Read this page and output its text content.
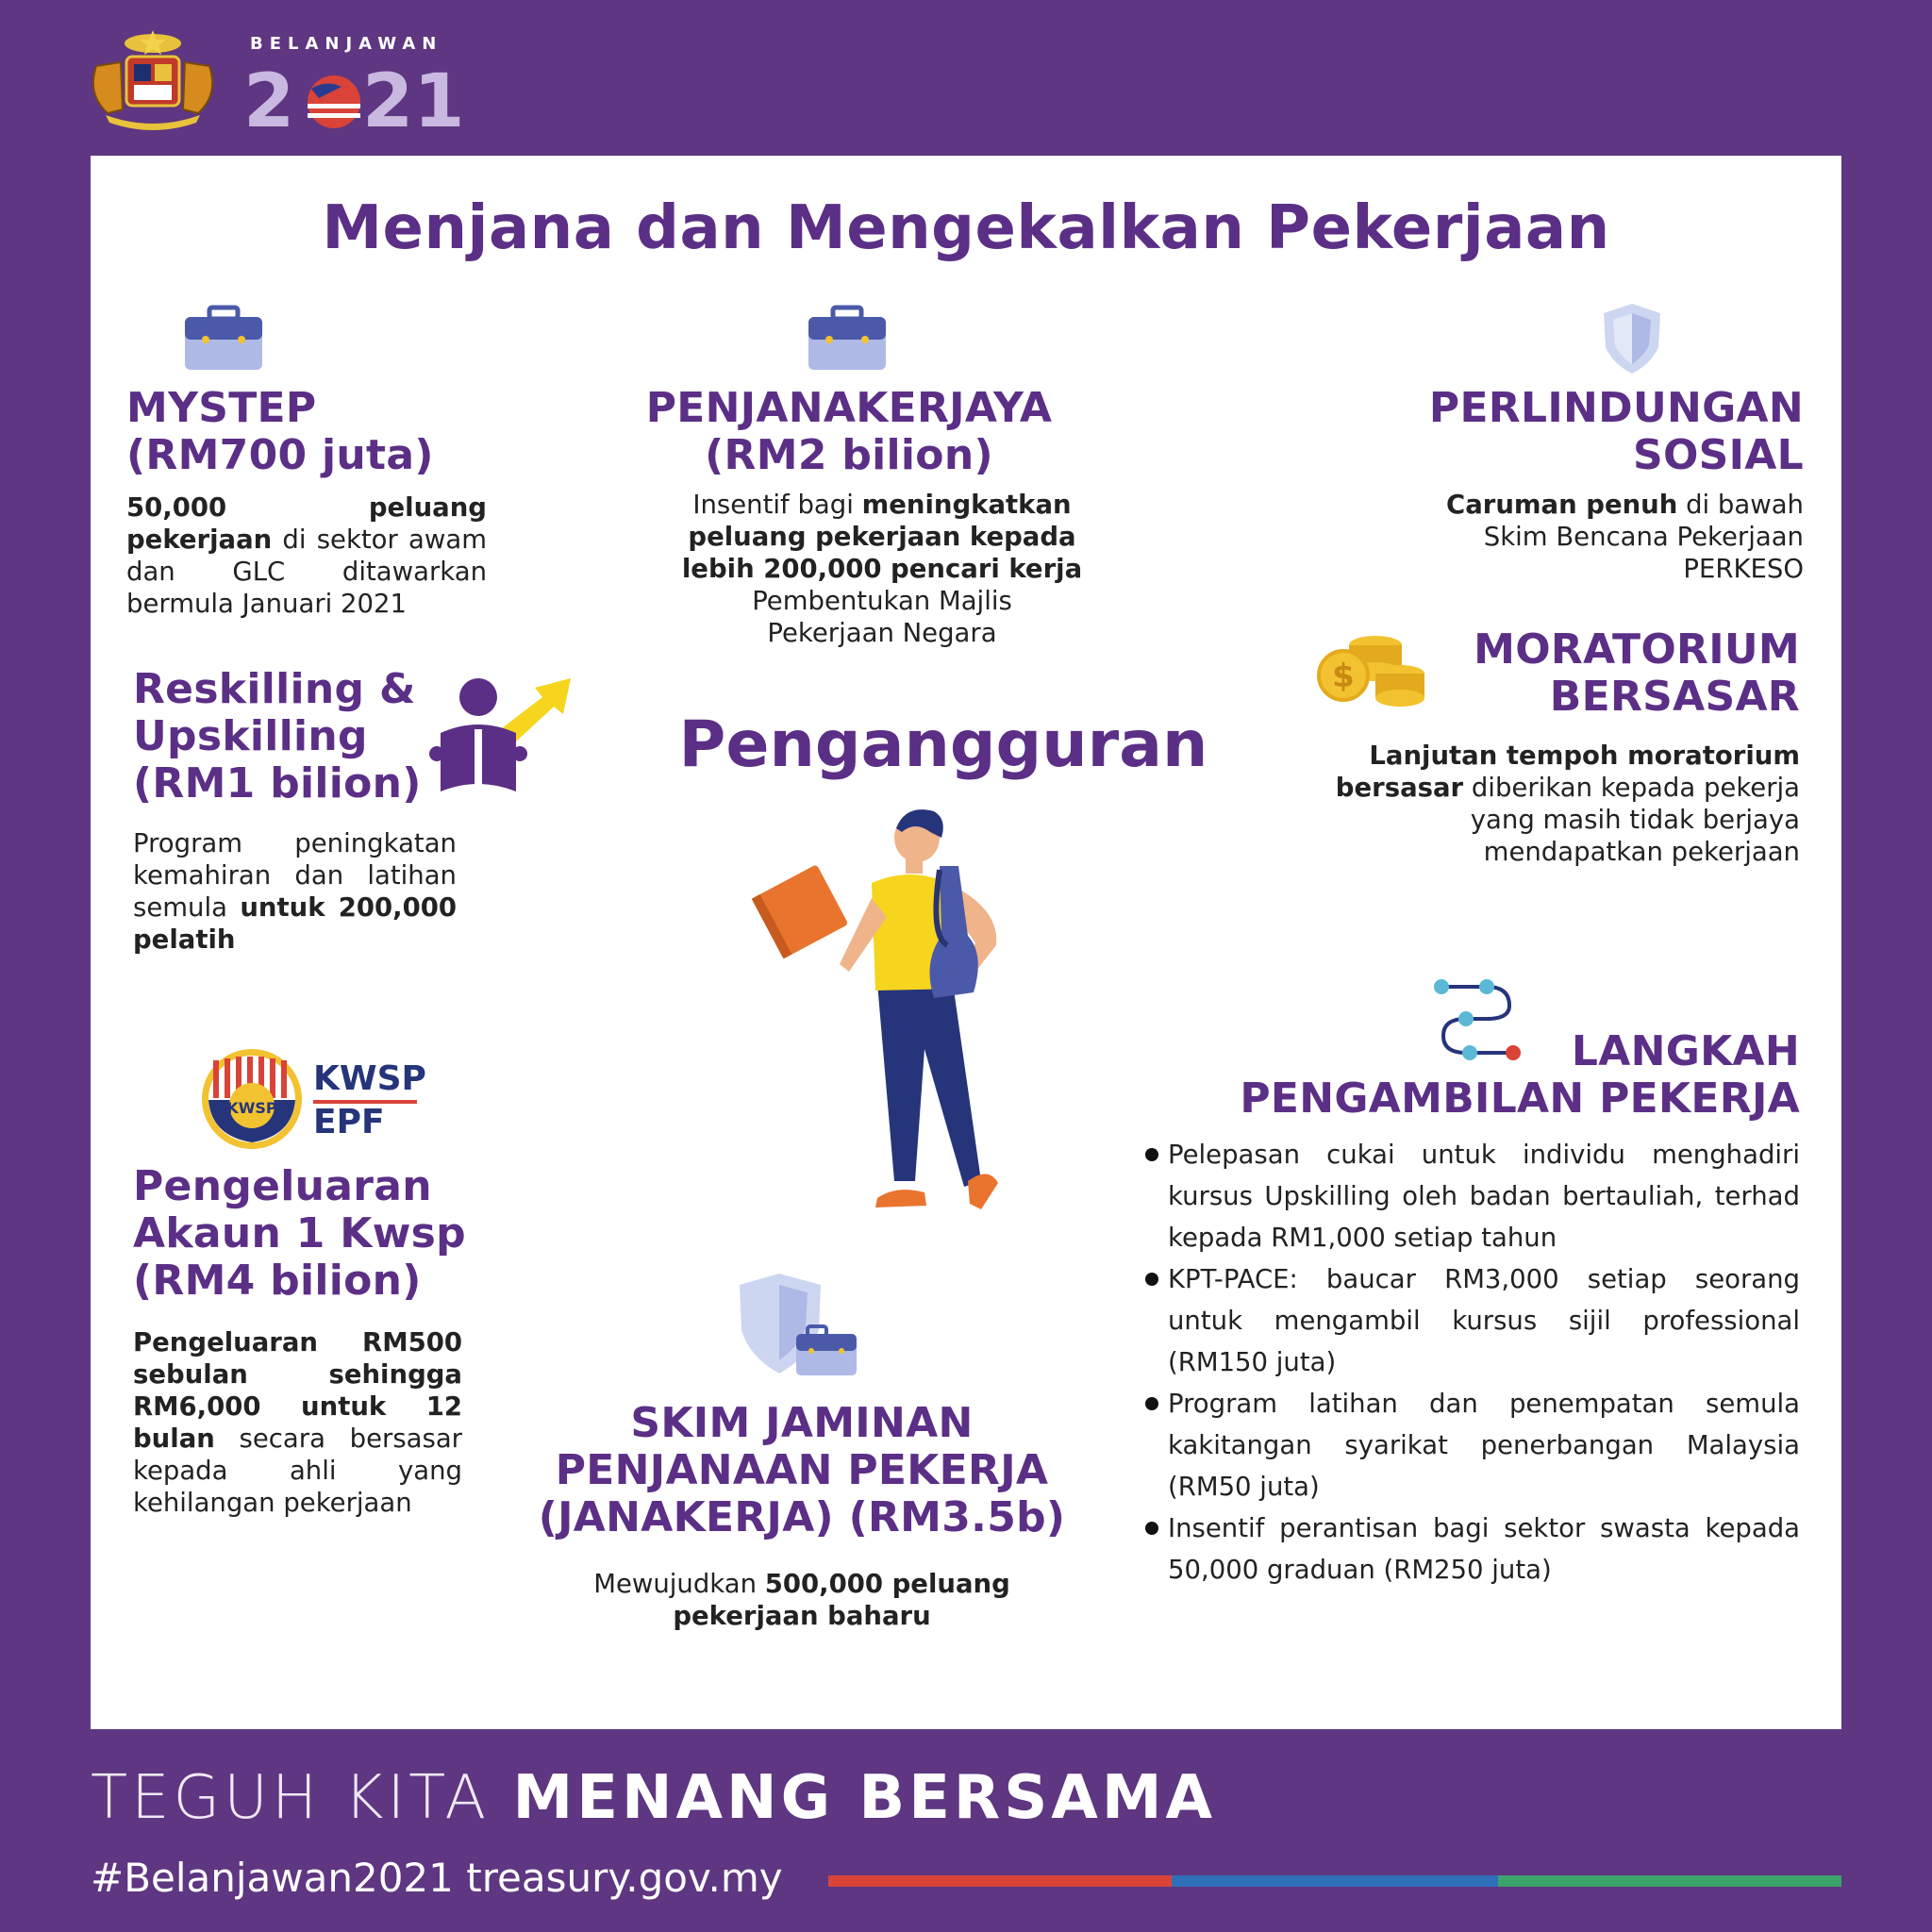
BELANJAWAN
2 21
Menjana dan Mengekalkan Pekerjaan
MYSTEP
(RM700 juta)
50,000 peluang pekerjaan di sektor awam dan GLC ditawarkan bermula Januari 2021
PENJANAKERJAYA
(RM2 bilion)
Insentif bagi meningkatkan
peluang pekerjaan kepada
lebih 200,000 pencari kerja
Pembentukan Majlis
Pekerjaan Negara
PERLINDUNGAN
SOSIAL
Caruman penuh di bawah
Skim Bencana Pekerjaan
PERKESO
Reskilling &
Upskilling
(RM1 bilion)
Program peningkatan kemahiran dan latihan semula untuk 200,000 pelatih
Pengangguran
$
MORATORIUM
BERSASAR
Lanjutan tempoh moratorium
bersasar diberikan kepada pekerja
yang masih tidak berjaya
mendapatkan pekerjaan
KWSP
KWSP
EPF
Pengeluaran
Akaun 1 Kwsp
(RM4 bilion)
Pengeluaran RM500 sebulan sehingga RM6,000 untuk 12 bulan secara bersasar kepada ahli yang kehilangan pekerjaan
LANGKAH
PENGAMBILAN PEKERJA
Pelepasan cukai untuk individu menghadiri kursus Upskilling oleh badan bertauliah, terhad kepada RM1,000 setiap tahun
KPT-PACE: baucar RM3,000 setiap seorang untuk mengambil kursus sijil professional (RM150 juta)
Program latihan dan penempatan semula kakitangan syarikat penerbangan Malaysia (RM50 juta)
Insentif perantisan bagi sektor swasta kepada 50,000 graduan (RM250 juta)
SKIM JAMINAN
PENJANAAN PEKERJA
(JANAKERJA) (RM3.5b)
Mewujudkan 500,000 peluang
pekerjaan baharu
TEGUH KITA MENANG BERSAMA
#Belanjawan2021 treasury.gov.my
